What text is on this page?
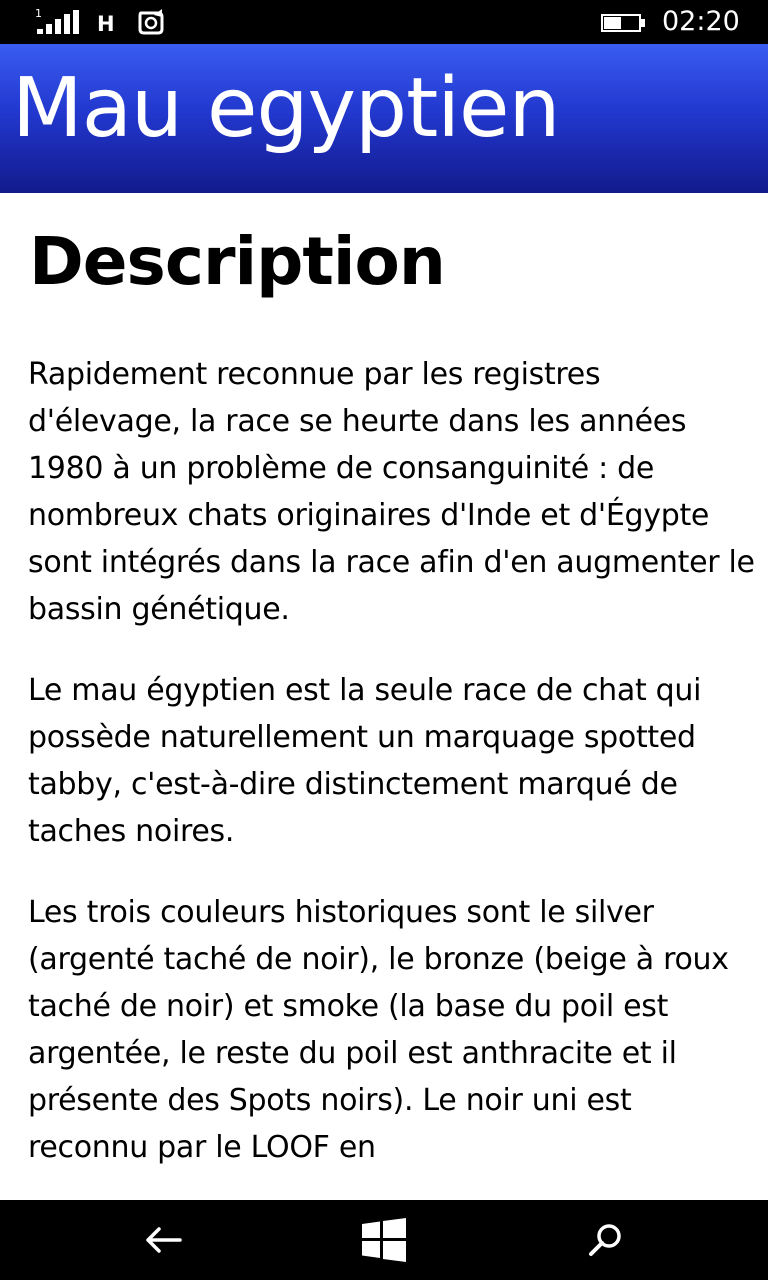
1	H	02:20
Mau egyptien
Description

Rapidement reconnue par les registres d'élevage, la race se heurte dans les années 1980 à un problème de consanguinité : de nombreux chats originaires d'Inde et d'Égypte sont intégrés dans la race afin d'en augmenter le bassin génétique.

Le mau égyptien est la seule race de chat qui possède naturellement un marquage spotted tabby, c'est-à-dire distinctement marqué de taches noires.

Les trois couleurs historiques sont le silver (argenté taché de noir), le bronze (beige à roux taché de noir) et smoke (la base du poil est argentée, le reste du poil est anthracite et il présente des Spots noirs). Le noir uni est reconnu par le LOOF en
